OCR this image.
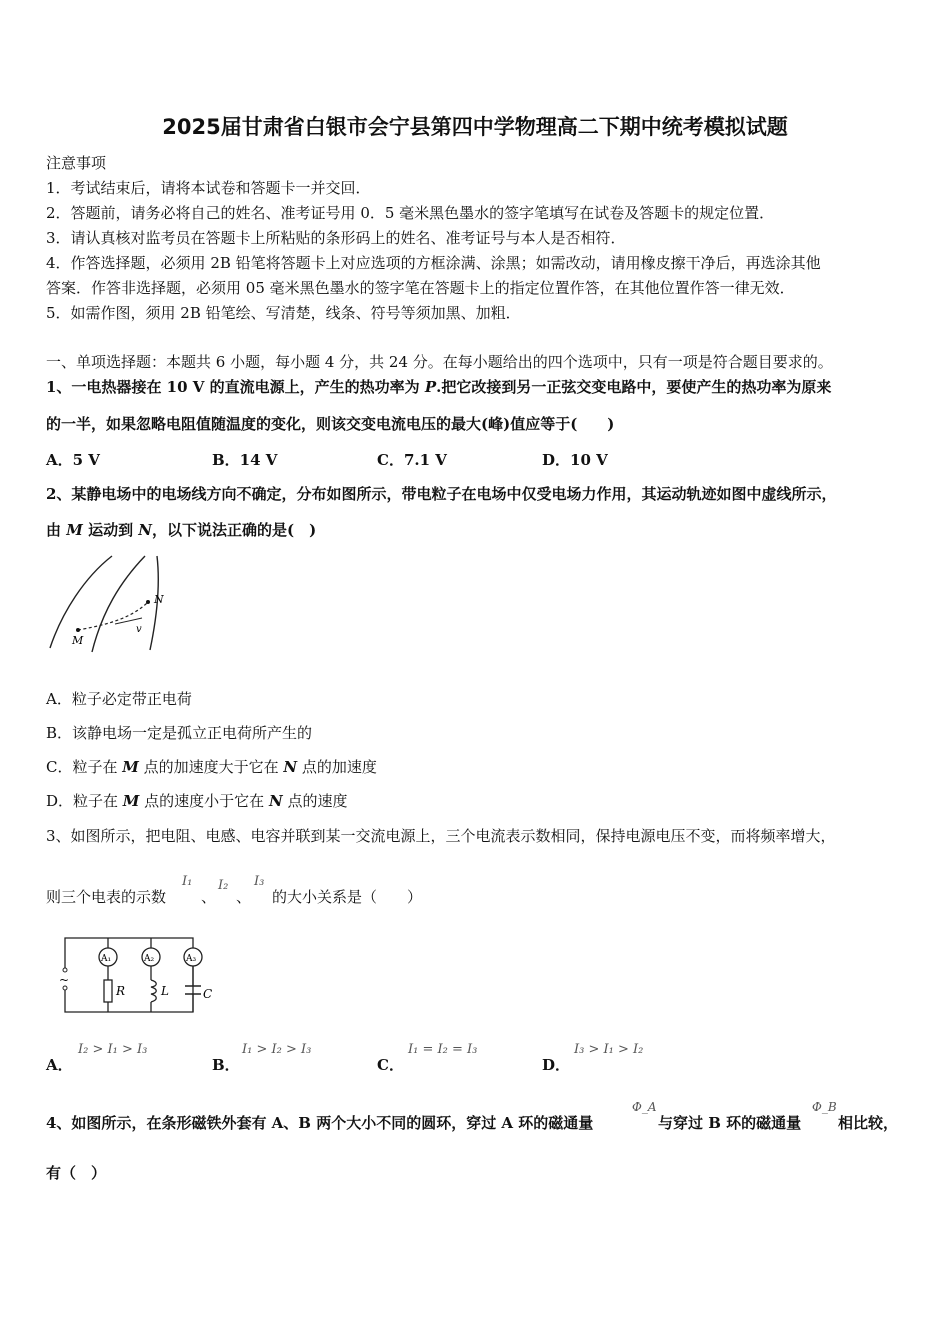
2025届甘肃省白银市会宁县第四中学物理高二下期中统考模拟试题
注意事项
1．考试结束后，请将本试卷和答题卡一并交回．
2．答题前，请务必将自己的姓名、准考证号用 0．5 毫米黑色墨水的签字笔填写在试卷及答题卡的规定位置．
3．请认真核对监考员在答题卡上所粘贴的条形码上的姓名、准考证号与本人是否相符．
4．作答选择题，必须用 2B 铅笔将答题卡上对应选项的方框涂满、涂黑；如需改动，请用橡皮擦干净后，再选涂其他
答案．作答非选择题，必须用 05 毫米黑色墨水的签字笔在答题卡上的指定位置作答，在其他位置作答一律无效．
5．如需作图，须用 2B 铅笔绘、写清楚，线条、符号等须加黑、加粗．
一、单项选择题：本题共 6 小题，每小题 4 分，共 24 分。在每小题给出的四个选项中，只有一项是符合题目要求的。
1、一电热器接在 10 V 的直流电源上，产生的热功率为 P.把它改接到另一正弦交变电路中，要使产生的热功率为原来
的一半，如果忽略电阻值随温度的变化，则该交变电流电压的最大(峰)值应等于(　　)
A．5 V	B．14 V	C．7.1 V	D．10 V
2、某静电场中的电场线方向不确定，分布如图所示，带电粒子在电场中仅受电场力作用，其运动轨迹如图中虚线所示，
由 M 运动到 N，以下说法正确的是(　)
M
N
v
A．粒子必定带正电荷
B．该静电场一定是孤立正电荷所产生的
C．粒子在 M 点的加速度大于它在 N 点的加速度
D．粒子在 M 点的速度小于它在 N 点的速度
3、如图所示，把电阻、电感、电容并联到某一交流电源上，三个电流表示数相同，保持电源电压不变，而将频率增大，
则三个电表的示数
I₁
、
I₂
、
I₃
的大小关系是（　　）
A₁	A₂	A₃
R	L	C
~
A．
I₂ > I₁ > I₃
B．
I₁ > I₂ > I₃
C．
I₁ = I₂ = I₃
D．
I₃ > I₁ > I₂
4、如图所示，在条形磁铁外套有 A、B 两个大小不同的圆环，穿过 A 环的磁通量
Φ_A
与穿过 B 环的磁通量
Φ_B
相比较，
有（　）
